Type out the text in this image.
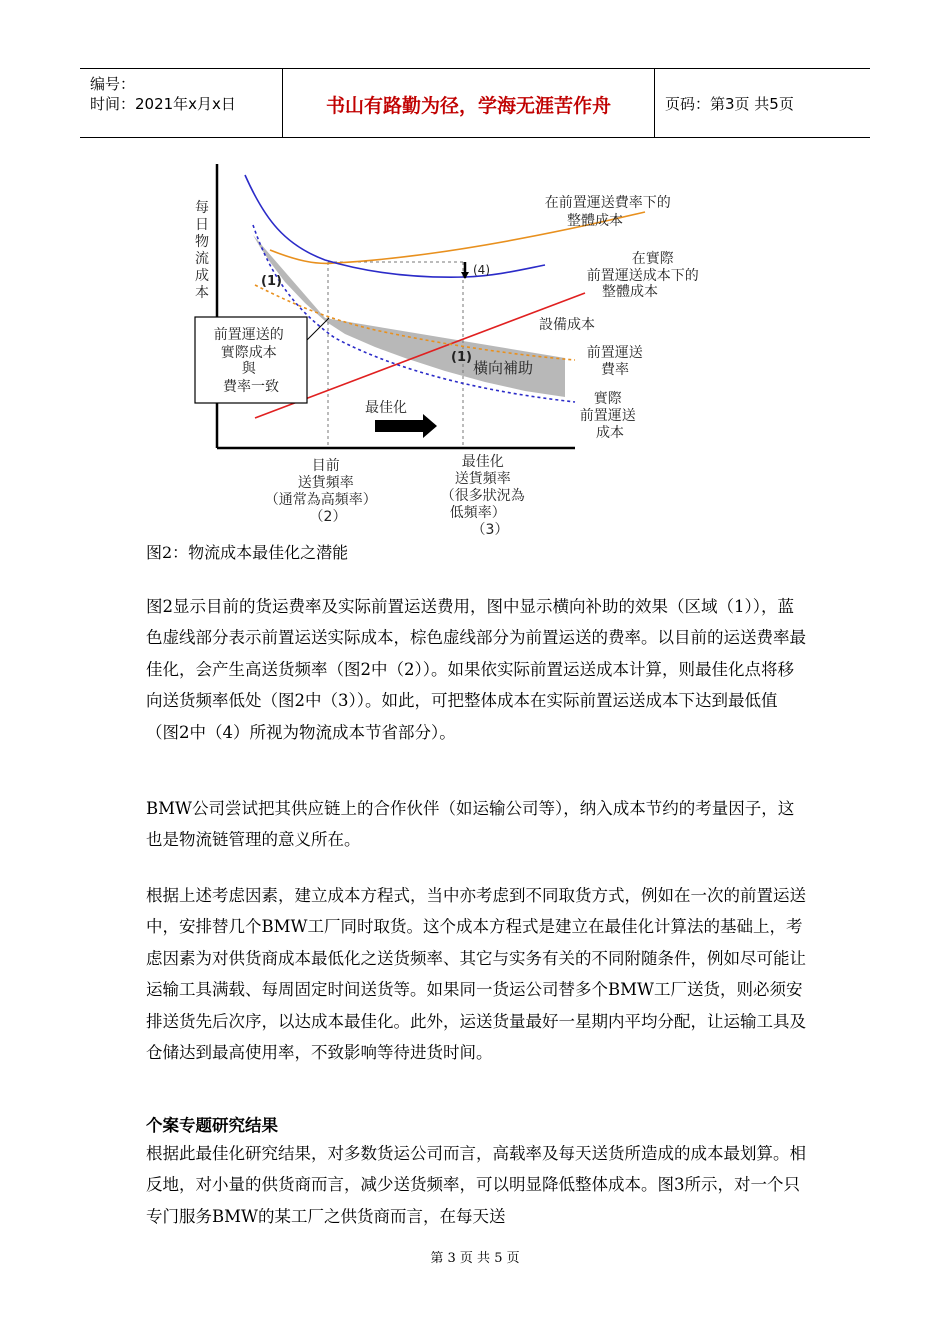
编号：
时间：2021年x月x日	书山有路勤为径，学海无涯苦作舟	页码：第3页 共5页
(4)
最佳化
每日物流成本
(1)
(1)
橫向補助
前置運送的 實際成本 與 費率一致
在前置運送費率下的 整體成本
在實際 前置運送成本下的 整體成本
設備成本
前置運送 費率
實際 前置運送 成本
目前 送貨頻率 （通常為高頻率） （2）
最佳化 送貨頻率 （很多狀況為 低頻率） （3）
图2：物流成本最佳化之潜能

图2显示目前的货运费率及实际前置运送费用，图中显示横向补助的效果（区域（1）），蓝色虚线部分表示前置运送实际成本，棕色虚线部分为前置运送的费率。以目前的运送费率最佳化，会产生高送货频率（图2中（2））。如果依实际前置运送成本计算，则最佳化点将移向送货频率低处（图2中（3））。如此，可把整体成本在实际前置运送成本下达到最低值（图2中（4）所视为物流成本节省部分）。

BMW公司尝试把其供应链上的合作伙伴（如运输公司等），纳入成本节约的考量因子，这也是物流链管理的意义所在。

根据上述考虑因素，建立成本方程式，当中亦考虑到不同取货方式，例如在一次的前置运送中，安排替几个BMW工厂同时取货。这个成本方程式是建立在最佳化计算法的基础上，考虑因素为对供货商成本最低化之送货频率、其它与实务有关的不同附随条件，例如尽可能让运输工具满载、每周固定时间送货等。如果同一货运公司替多个BMW工厂送货，则必须安排送货先后次序，以达成本最佳化。此外，运送货量最好一星期内平均分配，让运输工具及仓储达到最高使用率，不致影响等待进货时间。

个案专题研究结果

根据此最佳化研究结果，对多数货运公司而言，高载率及每天送货所造成的成本最划算。相反地，对小量的供货商而言，减少送货频率，可以明显降低整体成本。图3所示，对一个只专门服务BMW的某工厂之供货商而言，在每天送

第 3 页 共 5 页
